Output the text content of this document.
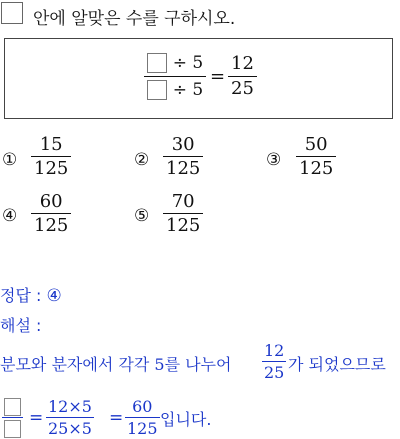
안에 알맞은 수를 구하시오.
÷ 5
÷ 5
=
12
25
①
15
125	②
30
125	③
50
125
④
60
125	⑤
70
125
정답 : ④
해설 :
분모와 분자에서 각각 5를 나누어
12
25 가 되었으므로
=
12×5
25×5
=
60
125 입니다.
